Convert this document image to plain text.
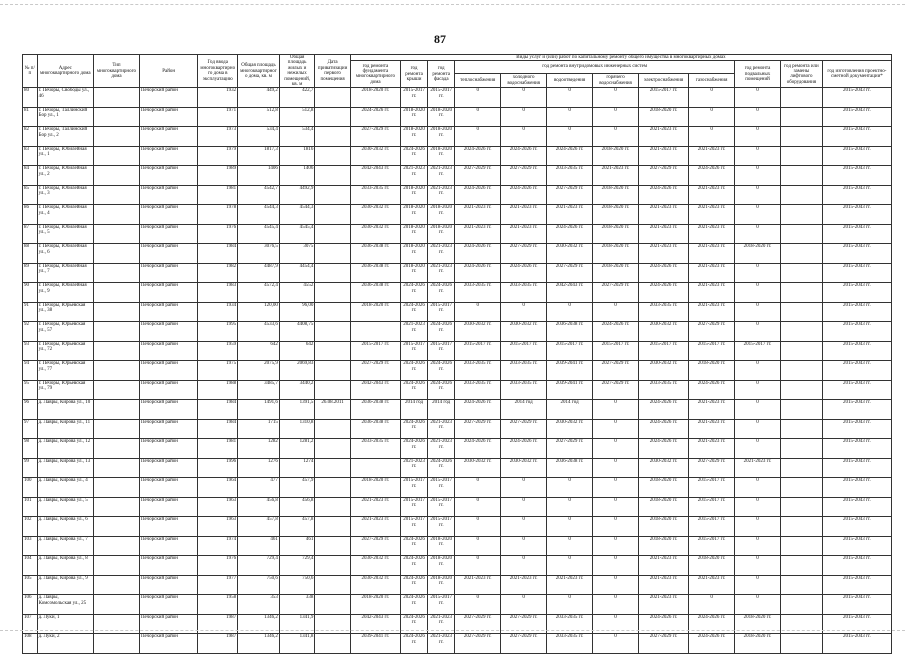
87
№ п/п	Адрес многоквартирного дома	Тип многоквартирного дома	Район	Год ввода многоквартирного дома в эксплуатацию	Общая площадь многоквартирного дома, кв. м	Общая площадь жилых и нежилых помещений, кв. м	Дата приватизации первого помещения	Виды услуг и (или) работ по капитальному ремонту общего имущества в многоквартирных домах											
								год ремонта фундамента многоквартирного дома	год ремонта крыши	год ремонта фасада	год ремонта внутридомовых инженерных систем						год ремонта подвальных помещений	год ремонта или замены лифтового оборудования	год изготовления проектно-сметной документации*
											теплоснабжения	холодного водоснабжения	водоотведения	горячего водоснабжения	электроснабжения	газоснабжения			
80	г. Печоры, Свободы ул., 46		Печорский район	1932	449,2	422,7		2018-2020 гг.	2015-2017 гг.	2015-2017 гг.	0	0	0	0	2015-2017 гг.	0	0		2015-2043 гг.
81	г. Печоры, Таллинский Бор ул., 1		Печорский район	1971	512,8	512,8		2024-2026 гг.	2018-2020 гг.	2018-2020 гг.	0	0	0	0	2018-2020 гг.	0	0		2015-2043 гг.
82	г. Печоры, Таллинский Бор ул., 2		Печорский район	1973	534,4	534,4		2027-2029 гг.	2018-2020 гг.	2018-2020 гг.	0	0	0	0	2021-2023 гг.	0	0		2015-2043 гг.
83	г. Печоры, Юбилейная ул., 1		Печорский район	1979	1817,3	1816		2030-2032 гг.	2024-2026 гг.	2018-2020 гг.	2024-2026 гг.	2024-2026 гг.	2024-2026 гг.	2018-2020 гг.	2021-2023 гг.	2021-2023 гг.	0		2015-2043 гг.
84	г. Печоры, Юбилейная ул., 2		Печорский район	1989	1406	1406		2042-2043 гг.	2021-2023 гг.	2021-2023 гг.	2027-2029 гг.	2027-2029 гг.	2033-2035 гг.	2021-2023 гг.	2027-2029 гг.	2024-2026 гг.	0		2015-2043 гг.
85	г. Печоры, Юбилейная ул., 3		Печорский район	1981	4542,7	4492,9		2033-2035 гг.	2018-2020 гг.	2021-2023 гг.	2024-2026 гг.	2024-2026 гг.	2027-2029 гг.	2018-2020 гг.	2024-2026 гг.	2021-2023 гг.	0		2015-2043 гг.
86	г. Печоры, Юбилейная ул., 4		Печорский район	1978	4544,3	4544,3		2030-2032 гг.	2018-2020 гг.	2018-2020 гг.	2021-2023 гг.	2021-2023 гг.	2021-2023 гг.	2018-2020 гг.	2021-2023 гг.	2021-2023 гг.	0		2015-2043 гг.
87	г. Печоры, Юбилейная ул., 5		Печорский район	1976	4545,4	4545,4		2030-2032 гг.	2018-2020 гг.	2018-2020 гг.	2021-2023 гг.	2021-2023 гг.	2024-2026 гг.	2018-2020 гг.	2021-2023 гг.	2021-2023 гг.	0		2015-2043 гг.
88	г. Печоры, Юбилейная ул., 6		Печорский район	1984	3076,5	3075		2036-2038 гг.	2018-2020 гг.	2021-2023 гг.	2024-2026 гг.	2027-2029 гг.	2030-2032 гг.	2018-2020 гг.	2021-2023 гг.	2021-2023 гг.	2018-2020 гг.		2015-2043 гг.
89	г. Печоры, Юбилейная ул., 7		Печорский район	1982	4487,9	4454,4		2036-2038 гг.	2018-2020 гг.	2021-2023 гг.	2024-2026 гг.	2024-2026 гг.	2027-2029 гг.	2018-2020 гг.	2024-2026 гг.	2021-2023 гг.	0		2015-2043 гг.
90	г. Печоры, Юбилейная ул., 9		Печорский район	1983	4572,4	4552		2036-2038 гг.	2024-2026 гг.	2024-2026 гг.	2033-2035 гг.	2033-2035 гг.	2042-2043 гг.	2027-2029 гг.	2024-2026 гг.	2021-2023 гг.	0		2015-2043 гг.
91	г. Печоры, Юрьевская ул., 38		Печорский район	1934	120,00	96,00		2018-2020 гг.	2024-2026 гг.	2015-2017 гг.	0	0	0	0	2033-2035 гг.	2021-2023 гг.	0		2015-2043 гг.
92	г. Печоры, Юрьевская ул., 57		Печорский район	1995	4533,6	4408,75			2021-2023 гг.	2024-2026 гг.	2030-2032 гг.	2030-2032 гг.	2036-2038 гг.	2024-2026 гг.	2030-2032 гг.	2027-2029 гг.	0		2015-2043 гг.
93	г. Печоры, Юрьевская ул., 72		Печорский район	1959	642	642		2015-2017 гг.	2015-2017 гг.	2015-2017 гг.	2015-2017 гг.	2015-2017 гг.	2015-2017 гг.	2015-2017 гг.	2015-2017 гг.	2015-2017 гг.	2015-2017 гг.		2015-2043 гг.
94	г. Печоры, Юрьевская ул., 77		Печорский район	1975	2075,9	2069,83		2027-2029 гг.	2024-2026 гг.	2024-2026 гг.	2033-2035 гг.	2033-2035 гг.	2039-2041 гг.	2027-2029 гг.	2030-2032 гг.	2018-2020 гг.	0		2015-2043 гг.
95	г. Печоры, Юрьевская ул., 79		Печорский район	1988	3485,7	3440,2		2042-2043 гг.	2024-2026 гг.	2024-2026 гг.	2033-2035 гг.	2033-2035 гг.	2039-2041 гг.	2027-2029 гг.	2033-2035 гг.	2024-2026 гг.	0		2015-2043 гг.
96	д. Лавры, Кирова ул., 10		Печорский район	1984	1491,6	1391,5	26.08.2011	2036-2038 гг.	2014 год	2014 год	2024-2026 гг.	2014 год	2014 год	0	2024-2026 гг.	2021-2023 гг.	0		2015-2043 гг.
97	д. Лавры, Кирова ул., 11		Печорский район	1984	1715	1310,8		2036-2038 гг.	2024-2026 гг.	2021-2023 гг.	2027-2029 гг.	2027-2029 гг.	2030-2032 гг.	0	2024-2026 гг.	2021-2023 гг.	0		2015-2043 гг.
98	д. Лавры, Кирова ул., 12		Печорский район	1981	1282	1281,2		2033-2035 гг.	2024-2026 гг.	2021-2023 гг.	2024-2026 гг.	2024-2026 гг.	2027-2029 гг.	0	2024-2026 гг.	2021-2023 гг.	0		2015-2043 гг.
99	д. Лавры, Кирова ул., 13		Печорский район	1996	1276	1274			2021-2023 гг.	2024-2026 гг.	2030-2032 гг.	2030-2032 гг.	2036-2038 гг.	0	2030-2032 гг.	2027-2029 гг.	2021-2023 гг.		2015-2043 гг.
100	д. Лавры, Кирова ул., 4		Печорский район	1964	477	457,9		2018-2020 гг.	2015-2017 гг.	2015-2017 гг.	0	0	0	0	2018-2020 гг.	2015-2017 гг.	0		2015-2043 гг.
101	д. Лавры, Кирова ул., 5		Печорский район	1963	456,8	456,8		2021-2023 гг.	2015-2017 гг.	2015-2017 гг.	0	0	0	0	2018-2020 гг.	2015-2017 гг.	0		2015-2043 гг.
102	д. Лавры, Кирова ул., 6		Печорский район	1963	457,8	457,8		2021-2023 гг.	2015-2017 гг.	2015-2017 гг.	0	0	0	0	2018-2020 гг.	2015-2017 гг.	0		2015-2043 гг.
103	д. Лавры, Кирова ул., 7		Печорский район	1974	461	461		2027-2029 гг.	2024-2026 гг.	2018-2020 гг.	0	0	0	0	2018-2020 гг.	2015-2017 гг.	0		2015-2043 гг.
104	д. Лавры, Кирова ул., 8		Печорский район	1976	729,4	729,4		2030-2032 гг.	2024-2026 гг.	2018-2020 гг.	0	0	0	0	2021-2023 гг.	2018-2020 гг.	0		2015-2043 гг.
105	д. Лавры, Кирова ул., 9		Печорский район	1977	750,6	750,6		2030-2032 гг.	2024-2026 гг.	2018-2020 гг.	2021-2023 гг.	2021-2023 гг.	2021-2023 гг.	0	2021-2023 гг.	2021-2023 гг.	0		2015-2043 гг.
106	д. Лавры, Комсомольская ул., 25		Печорский район	1958	353	338		2018-2020 гг.	2024-2026 гг.	2015-2017 гг.	0	0	0	0	2021-2023 гг.	0	0		2015-2043 гг.
107	д. Луки, 1		Печорский район	1987	1346,2	1341,9		2042-2043 гг.	2024-2026 гг.	2021-2023 гг.	2027-2029 гг.	2027-2029 гг.	2033-2035 гг.	0	2024-2026 гг.	2024-2026 гг.	2018-2020 гг.		2015-2043 гг.
108	д. Луки, 2		Печорский район	1987	1346,2	1341,8		2039-2041 гг.	2024-2026 гг.	2021-2023 гг.	2027-2029 гг.	2027-2029 гг.	2033-2035 гг.	0	2027-2029 гг.	2024-2026 гг.	2018-2020 гг.		2015-2043 гг.
